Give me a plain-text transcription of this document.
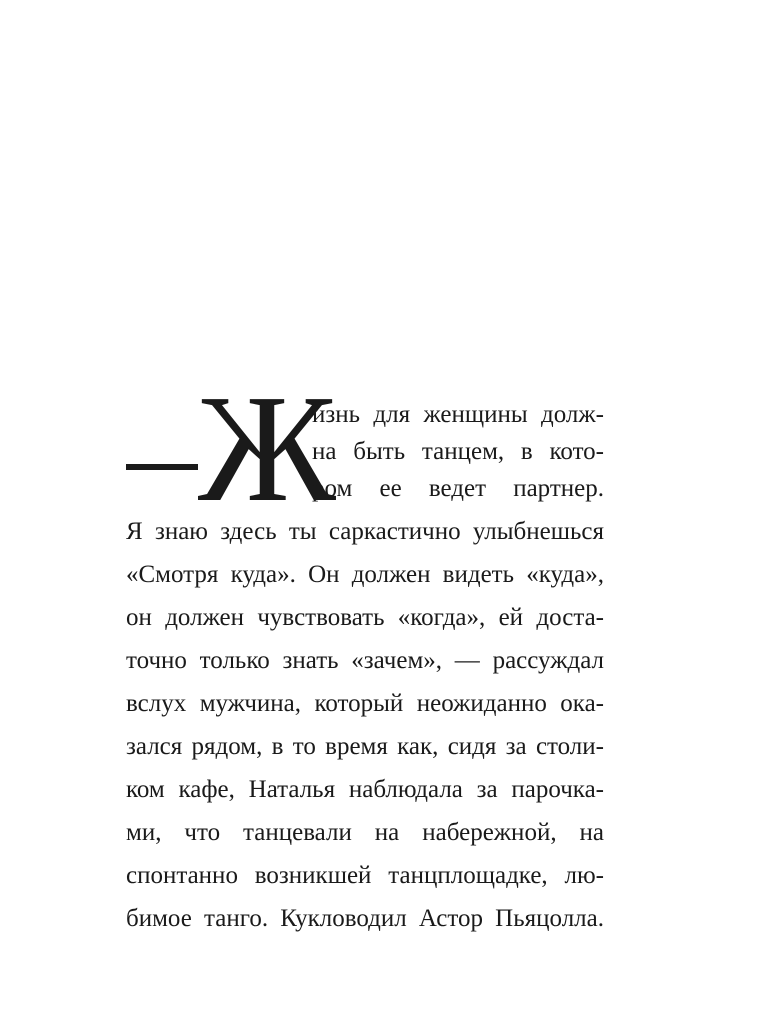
Ж
изнь для женщины долж-
на быть танцем, в кото-
ром ее ведет партнер.
Я знаю здесь ты саркастично улыбнешься
«Смотря куда». Он должен видеть «куда»,
он должен чувствовать «когда», ей доста-
точно только знать «зачем», — рассуждал
вслух мужчина, который неожиданно ока-
зался рядом, в то время как, сидя за столи-
ком кафе, Наталья наблюдала за парочка-
ми, что танцевали на набережной, на
спонтанно возникшей танцплощадке, лю-
бимое танго. Кукловодил Астор Пьяцолла.
